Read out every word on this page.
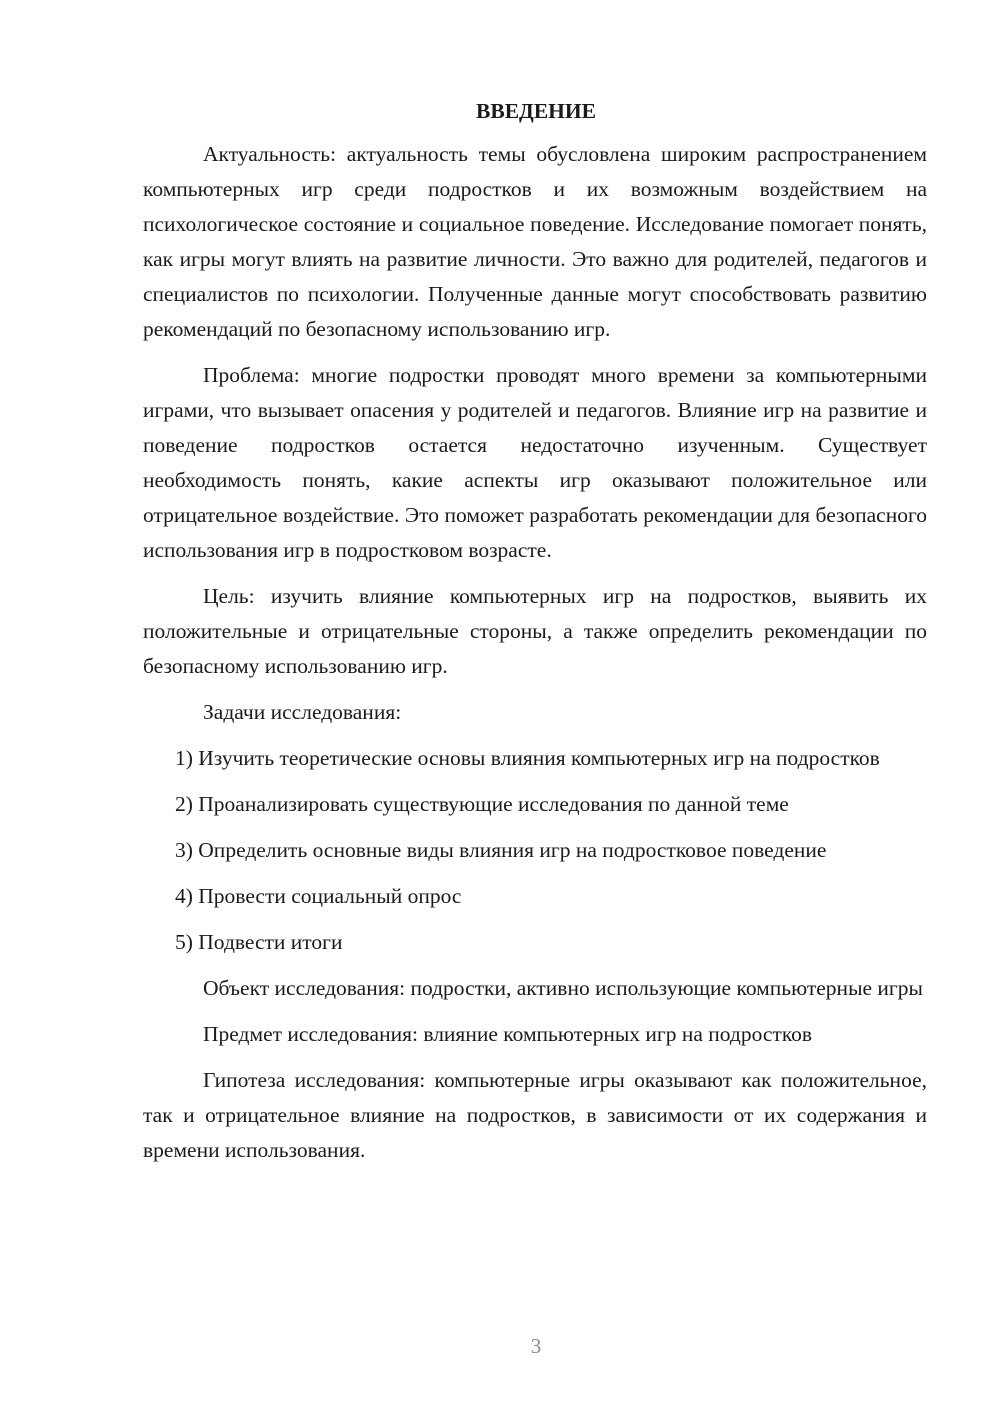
ВВЕДЕНИЕ

Актуальность: актуальность темы обусловлена широким распространением компьютерных игр среди подростков и их возможным воздействием на психологическое состояние и социальное поведение. Исследование помогает понять, как игры могут влиять на развитие личности. Это важно для родителей, педагогов и специалистов по психологии. Полученные данные могут способствовать развитию рекомендаций по безопасному использованию игр.

Проблема: многие подростки проводят много времени за компьютерными играми, что вызывает опасения у родителей и педагогов. Влияние игр на развитие и поведение подростков остается недостаточно изученным. Существует необходимость понять, какие аспекты игр оказывают положительное или отрицательное воздействие. Это поможет разработать рекомендации для безопасного использования игр в подростковом возрасте.

Цель: изучить влияние компьютерных игр на подростков, выявить их положительные и отрицательные стороны, а также определить рекомендации по безопасному использованию игр.

Задачи исследования:

1) Изучить теоретические основы влияния компьютерных игр на подростков

2) Проанализировать существующие исследования по данной теме

3) Определить основные виды влияния игр на подростковое поведение

4) Провести социальный опрос

5) Подвести итоги

Объект исследования: подростки, активно использующие компьютерные игры

Предмет исследования: влияние компьютерных игр на подростков

Гипотеза исследования: компьютерные игры оказывают как положительное, так и отрицательное влияние на подростков, в зависимости от их содержания и времени использования.

3
